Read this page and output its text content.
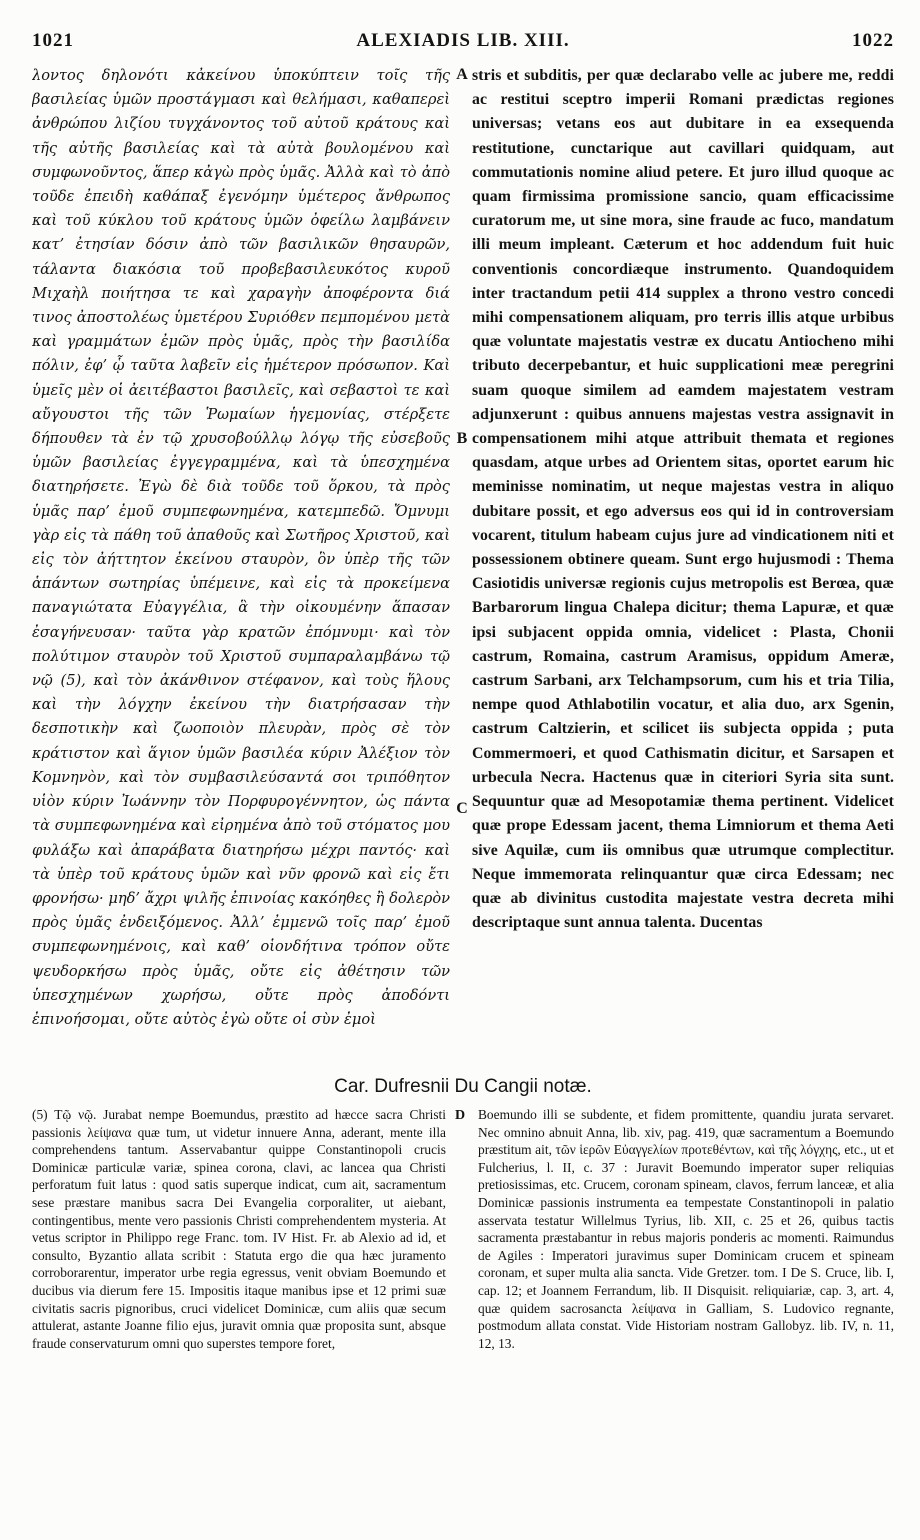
1021	ALEXIADIS LIB. XIII.	1022
λοντος δηλονότι κἀκείνου ὑποκύπτειν τοῖς τῆς βασιλείας ὑμῶν προστάγμασι καὶ θελήμασι, καθαπερεὶ ἀνθρώπου λιζίου τυγχάνοντος τοῦ αὐτοῦ κράτους καὶ τῆς αὐτῆς βασιλείας καὶ τὰ αὐτὰ βουλομένου καὶ συμφωνοῦντος, ἅπερ κἀγὼ πρὸς ὑμᾶς. Ἀλλὰ καὶ τὸ ἀπὸ τοῦδε ἐπειδὴ καθάπαξ ἐγενόμην ὑμέτερος ἄνθρωπος καὶ τοῦ κύκλου τοῦ κράτους ὑμῶν ὀφείλω λαμβάνειν κατ’ ἐτησίαν δόσιν ἀπὸ τῶν βασιλικῶν θησαυρῶν, τάλαντα διακόσια τοῦ προβεβασιλευκότος κυροῦ Μιχαὴλ ποιήτησα τε καὶ χαραγὴν ἀποφέροντα διά τινος ἀποστολέως ὑμετέρου Συριόθεν πεμπομένου μετὰ καὶ γραμμάτων ἐμῶν πρὸς ὑμᾶς, πρὸς τὴν βασιλίδα πόλιν, ἐφ’ ᾧ ταῦτα λαβεῖν εἰς ἡμέτερον πρόσωπον. Καὶ ὑμεῖς μὲν οἱ ἀειτέβαστοι βασιλεῖς, καὶ σεβαστοὶ τε καὶ αὔγουστοι τῆς τῶν Ῥωμαίων ἡγεμονίας, στέρξετε δήπουθεν τὰ ἐν τῷ χρυσοβούλλῳ λόγῳ τῆς εὐσεβοῦς ὑμῶν βασιλείας ἐγγεγραμμένα, καὶ τὰ ὑπεσχημένα διατηρήσετε. Ἐγὼ δὲ διὰ τοῦδε τοῦ ὅρκου, τὰ πρὸς ὑμᾶς παρ’ ἐμοῦ συμπεφωνημένα, κατεμπεδῶ. Ὄμνυμι γὰρ εἰς τὰ πάθη τοῦ ἀπαθοῦς καὶ Σωτῆρος Χριστοῦ, καὶ εἰς τὸν ἀήττητον ἐκείνου σταυρὸν, ὃν ὑπὲρ τῆς τῶν ἁπάντων σωτηρίας ὑπέμεινε, καὶ εἰς τὰ προκείμενα παναγιώτατα Εὐαγγέλια, ἃ τὴν οἰκουμένην ἅπασαν ἐσαγήνευσαν· ταῦτα γὰρ κρατῶν ἐπόμνυμι· καὶ τὸν πολύτιμον σταυρὸν τοῦ Χριστοῦ συμπαραλαμβάνω τῷ νῷ (5), καὶ τὸν ἀκάνθινον στέφανον, καὶ τοὺς ἥλους καὶ τὴν λόγχην ἐκείνου τὴν διατρήσασαν τὴν δεσποτικὴν καὶ ζωοποιὸν πλευρὰν, πρὸς σὲ τὸν κράτιστον καὶ ἅγιον ὑμῶν βασιλέα κύριν Ἀλέξιον τὸν Κομνηνὸν, καὶ τὸν συμβασιλεύσαντά σοι τριπόθητον υἱὸν κύριν Ἰωάννην τὸν Πορφυρογέννητον, ὡς πάντα τὰ συμπεφωνημένα καὶ εἰρημένα ἀπὸ τοῦ στόματος μου φυλάξω καὶ ἀπαράβατα διατηρήσω μέχρι παντός· καὶ τὰ ὑπὲρ τοῦ κράτους ὑμῶν καὶ νῦν φρονῶ καὶ εἰς ἔτι φρονήσω· μηδ’ ἄχρι ψιλῆς ἐπινοίας κακόηθες ἢ δολερὸν πρὸς ὑμᾶς ἐνδειξόμενος. Ἀλλ’ ἐμμενῶ τοῖς παρ’ ἐμοῦ συμπεφωνημένοις, καὶ καθ’ οἱονδήτινα τρόπον οὔτε ψευδορκήσω πρὸς ὑμᾶς, οὔτε εἰς ἀθέτησιν τῶν ὑπεσχημένων χωρήσω, οὔτε πρὸς ἀποδόντι ἐπινοήσομαι, οὔτε αὐτὸς ἐγὼ οὔτε οἱ σὺν ἐμοὶ
stris et subditis, per quæ declarabo velle ac jubere me, reddi ac restitui sceptro imperii Romani prædictas regiones universas; vetans eos aut dubitare in ea exsequenda restitutione, cunctarique aut cavillari quidquam, aut commutationis nomine aliud petere. Et juro illud quoque ac quam firmissima promissione sancio, quam efficacissime curatorum me, ut sine mora, sine fraude ac fuco, mandatum illi meum impleant. Cæterum et hoc addendum fuit huic conventionis concordiæque instrumento. Quandoquidem inter tractandum petii 414 supplex a throno vestro concedi mihi compensationem aliquam, pro terris illis atque urbibus quæ voluntate majestatis vestræ ex ducatu Antiocheno mihi tributo decerpebantur, et huic supplicationi meæ peregrini suam quoque similem ad eamdem majestatem vestram adjunxerunt : quibus annuens majestas vestra assignavit in compensationem mihi atque attribuit themata et regiones quasdam, atque urbes ad Orientem sitas, oportet earum hic meminisse nominatim, ut neque majestas vestra in aliquo dubitare possit, et ego adversus eos qui id in controversiam vocarent, titulum habeam cujus jure ad vindicationem niti et possessionem obtinere queam. Sunt ergo hujusmodi : Thema Casiotidis universæ regionis cujus metropolis est Berœa, quæ Barbarorum lingua Chalepa dicitur; thema Lapuræ, et quæ ipsi subjacent oppida omnia, videlicet : Plasta, Chonii castrum, Romaina, castrum Aramisus, oppidum Ameræ, castrum Sarbani, arx Telchampsorum, cum his et tria Tilia, nempe quod Athlabotilin vocatur, et alia duo, arx Sgenin, castrum Caltzierin, et scilicet iis subjecta oppida ; puta Commermoeri, et quod Cathismatin dicitur, et Sarsapen et urbecula Necra. Hactenus quæ in citeriori Syria sita sunt. Sequuntur quæ ad Mesopotamiæ thema pertinent. Videlicet quæ prope Edessam jacent, thema Limniorum et thema Aeti sive Aquilæ, cum iis omnibus quæ utrumque complectitur. Neque immemorata relinquantur quæ circa Edessam; nec quæ ab divinitus custodita majestate vestra decreta mihi descriptaque sunt annua talenta. Ducentas
A
B
C
Car. Dufresnii Du Cangii notæ.
(5) Τῷ νῷ. Jurabat nempe Boemundus, præstito ad hæcce sacra Christi passionis λείψανα quæ tum, ut videtur innuere Anna, aderant, mente illa comprehendens tantum. Asservabantur quippe Constantinopoli crucis Dominicæ particulæ variæ, spinea corona, clavi, ac lancea qua Christi perforatum fuit latus : quod satis superque indicat, cum ait, sacramentum sese præstare manibus sacra Dei Evangelia corporaliter, ut aiebant, contingentibus, mente vero passionis Christi comprehendentem mysteria. At vetus scriptor in Philippo rege Franc. tom. IV Hist. Fr. ab Alexio ad id, et consulto, Byzantio allata scribit : Statuta ergo die qua hæc juramento corroborarentur, imperator urbe regia egressus, venit obviam Boemundo et ducibus via dierum fere 15. Impositis itaque manibus ipse et 12 primi suæ civitatis sacris pignoribus, cruci videlicet Dominicæ, cum aliis quæ secum attulerat, astante Joanne filio ejus, juravit omnia quæ proposita sunt, absque fraude conservaturum omni quo superstes tempore foret,
D Boemundo illi se subdente, et fidem promittente, quandiu jurata servaret. Nec omnino abnuit Anna, lib. xiv, pag. 419, quæ sacramentum a Boemundo præstitum ait, τῶν ἱερῶν Εὐαγγελίων προτεθέντων, καὶ τῆς λόγχης, etc., ut et Fulcherius, l. II, c. 37 : Juravit Boemundo imperator super reliquias pretiosissimas, etc. Crucem, coronam spineam, clavos, ferrum lanceæ, et alia Dominicæ passionis instrumenta ea tempestate Constantinopoli in palatio asservata testatur Willelmus Tyrius, lib. XII, c. 25 et 26, quibus tactis sacramenta præstabantur in rebus majoris ponderis ac momenti. Raimundus de Agiles : Imperatori juravimus super Dominicam crucem et spineam coronam, et super multa alia sancta. Vide Gretzer. tom. I De S. Cruce, lib. I, cap. 12; et Joannem Ferrandum, lib. II Disquisit. reliquiariæ, cap. 3, art. 4, quæ quidem sacrosancta λείψανα in Galliam, S. Ludovico regnante, postmodum allata constat. Vide Historiam nostram Gallobyz. lib. IV, n. 11, 12, 13.
